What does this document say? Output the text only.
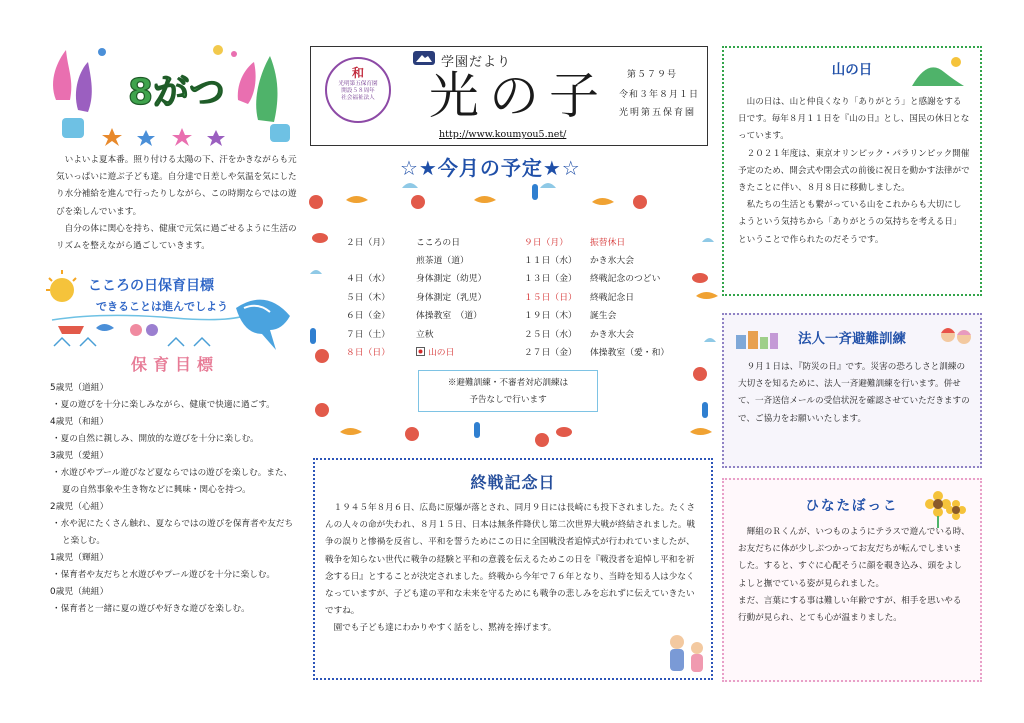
8がつ

いよいよ夏本番。照り付ける太陽の下、汗をかきながらも元気いっぱいに遊ぶ子ども達。自分達で日差しや気温を気にしたり水分補給を進んで行ったりしながら、この時期ならではの遊びを楽しんでいます。

自分の体に関心を持ち、健康で元気に過ごせるように生活のリズムを整えながら過ごしていきます。

和
光明第五保育園
開設５８周年
社会福祉法人
学園だより
光の子 第５７９号
令和３年８月１日
光明第五保育園
http://www.koumyou5.net/
こころの日保育目標
できることは進んでしよう
保育目標
5歳児（道組）
・夏の遊びを十分に楽しみながら、健康で快適に過ごす。
4歳児（和組）
・夏の自然に親しみ、開放的な遊びを十分に楽しむ。
3歳児（愛組）
・水遊びやプール遊びなど夏ならではの遊びを楽しむ。また、夏の自然事象や生き物などに興味・関心を持つ。
2歳児（心組）
・水や泥にたくさん触れ、夏ならではの遊びを保育者や友だちと楽しむ。
1歳児（輝組）
・保育者や友だちと水遊びやプール遊びを十分に楽しむ。
0歳児（純組）
・保育者と一緒に夏の遊びや好きな遊びを楽しむ。
☆★今月の予定★☆
２日（月）	こころの日	９日（月）	振替休日
	煎茶道（道）	１１日（水）	かき氷大会
４日（水）	身体測定（幼児）	１３日（金）	終戦記念のつどい
５日（木）	身体測定（乳児）	１５日（日）	終戦記念日
６日（金）	体操教室　（道）	１９日（木）	誕生会
７日（土）	立秋	２５日（水）	かき氷大会
８日（日）	山の日	２７日（金）	体操教室（愛・和）
※避難訓練・不審者対応訓練は
予告なしで行います
終戦記念日

１９４５年８月６日、広島に原爆が落とされ、同月９日には長崎にも投下されました。たくさんの人々の命が失われ、８月１５日、日本は無条件降伏し第二次世界大戦が終結されました。戦争の誤りと惨禍を反省し、平和を誓うためにこの日に全国戦没者追悼式が行われていましたが、戦争を知らない世代に戦争の経験と平和の意義を伝えるためこの日を『戦没者を追悼し平和を祈念する日』とすることが決定されました。終戦から今年で７６年となり、当時を知る人は少なくなっていますが、子ども達の平和な未来を守るためにも戦争の悲しみを忘れずに伝えていきたいですね。

園でも子ども達にわかりやすく話をし、黙祷を捧げます。

山の日

山の日は、山と仲良くなり「ありがとう」と感謝をする日です。毎年８月１１日を『山の日』とし、国民の休日となっています。

２０２１年度は、東京オリンピック・パラリンピック開催予定のため、開会式や閉会式の前後に祝日を動かす法律ができたことに伴い、８月８日に移動しました。

私たちの生活とも繋がっている山をこれからも大切にしようという気持ちから「ありがとうの気持ちを考える日」ということで作られたのだそうです。

法人一斉避難訓練

９月１日は、『防災の日』です。災害の恐ろしさと訓練の大切さを知るために、法人一斉避難訓練を行います。併せて、一斉送信メールの受信状況を確認させていただきますので、ご協力をお願いいたします。

ひなたぼっこ

輝組のＲくんが、いつものようにテラスで遊んでいる時、お友だちに体が少しぶつかってお友だちが転んでしまいました。すると、すぐに心配そうに顔を覗き込み、頭をよしよしと撫でている姿が見られました。

まだ、言葉にする事は難しい年齢ですが、相手を思いやる行動が見られ、とても心が温まりました。
